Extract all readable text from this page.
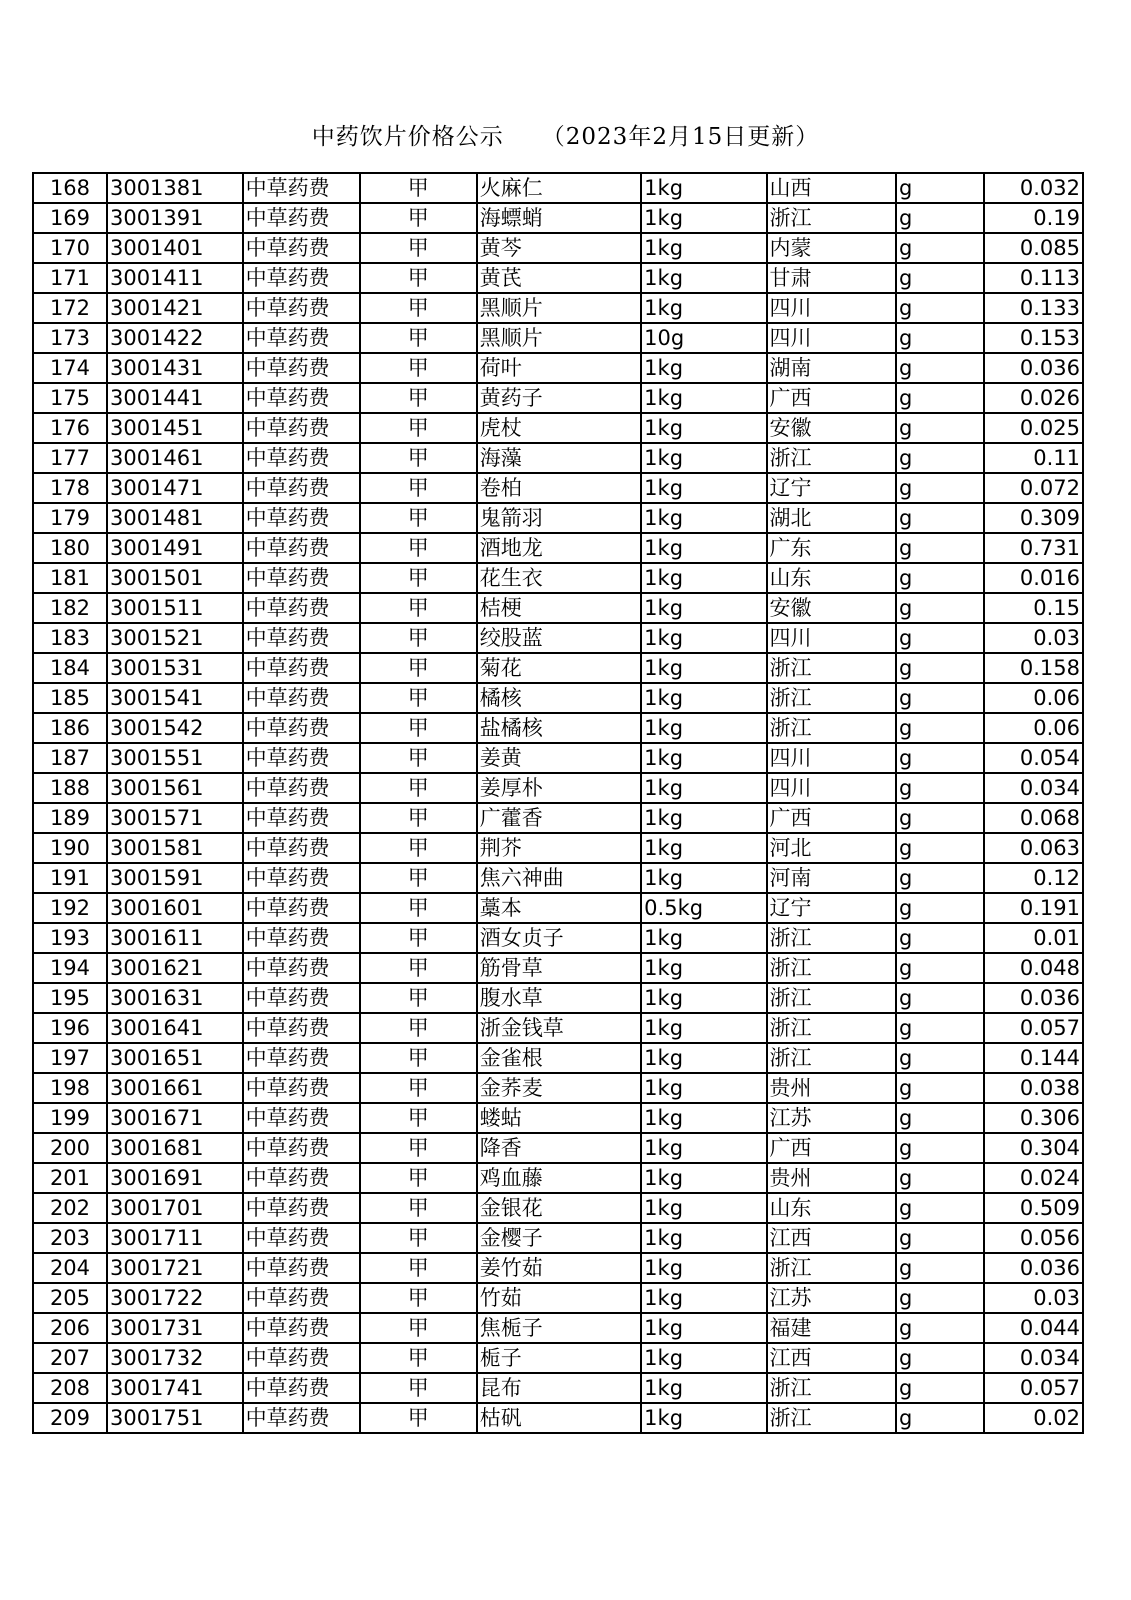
中药饮片价格公示 （2023年2月15日更新）
168	3001381	中草药费	甲	火麻仁	1kg	山西	g	0.032
169	3001391	中草药费	甲	海螵蛸	1kg	浙江	g	0.19
170	3001401	中草药费	甲	黄芩	1kg	内蒙	g	0.085
171	3001411	中草药费	甲	黄芪	1kg	甘肃	g	0.113
172	3001421	中草药费	甲	黑顺片	1kg	四川	g	0.133
173	3001422	中草药费	甲	黑顺片	10g	四川	g	0.153
174	3001431	中草药费	甲	荷叶	1kg	湖南	g	0.036
175	3001441	中草药费	甲	黄药子	1kg	广西	g	0.026
176	3001451	中草药费	甲	虎杖	1kg	安徽	g	0.025
177	3001461	中草药费	甲	海藻	1kg	浙江	g	0.11
178	3001471	中草药费	甲	卷柏	1kg	辽宁	g	0.072
179	3001481	中草药费	甲	鬼箭羽	1kg	湖北	g	0.309
180	3001491	中草药费	甲	酒地龙	1kg	广东	g	0.731
181	3001501	中草药费	甲	花生衣	1kg	山东	g	0.016
182	3001511	中草药费	甲	桔梗	1kg	安徽	g	0.15
183	3001521	中草药费	甲	绞股蓝	1kg	四川	g	0.03
184	3001531	中草药费	甲	菊花	1kg	浙江	g	0.158
185	3001541	中草药费	甲	橘核	1kg	浙江	g	0.06
186	3001542	中草药费	甲	盐橘核	1kg	浙江	g	0.06
187	3001551	中草药费	甲	姜黄	1kg	四川	g	0.054
188	3001561	中草药费	甲	姜厚朴	1kg	四川	g	0.034
189	3001571	中草药费	甲	广藿香	1kg	广西	g	0.068
190	3001581	中草药费	甲	荆芥	1kg	河北	g	0.063
191	3001591	中草药费	甲	焦六神曲	1kg	河南	g	0.12
192	3001601	中草药费	甲	藁本	0.5kg	辽宁	g	0.191
193	3001611	中草药费	甲	酒女贞子	1kg	浙江	g	0.01
194	3001621	中草药费	甲	筋骨草	1kg	浙江	g	0.048
195	3001631	中草药费	甲	腹水草	1kg	浙江	g	0.036
196	3001641	中草药费	甲	浙金钱草	1kg	浙江	g	0.057
197	3001651	中草药费	甲	金雀根	1kg	浙江	g	0.144
198	3001661	中草药费	甲	金荞麦	1kg	贵州	g	0.038
199	3001671	中草药费	甲	蝼蛄	1kg	江苏	g	0.306
200	3001681	中草药费	甲	降香	1kg	广西	g	0.304
201	3001691	中草药费	甲	鸡血藤	1kg	贵州	g	0.024
202	3001701	中草药费	甲	金银花	1kg	山东	g	0.509
203	3001711	中草药费	甲	金樱子	1kg	江西	g	0.056
204	3001721	中草药费	甲	姜竹茹	1kg	浙江	g	0.036
205	3001722	中草药费	甲	竹茹	1kg	江苏	g	0.03
206	3001731	中草药费	甲	焦栀子	1kg	福建	g	0.044
207	3001732	中草药费	甲	栀子	1kg	江西	g	0.034
208	3001741	中草药费	甲	昆布	1kg	浙江	g	0.057
209	3001751	中草药费	甲	枯矾	1kg	浙江	g	0.02
